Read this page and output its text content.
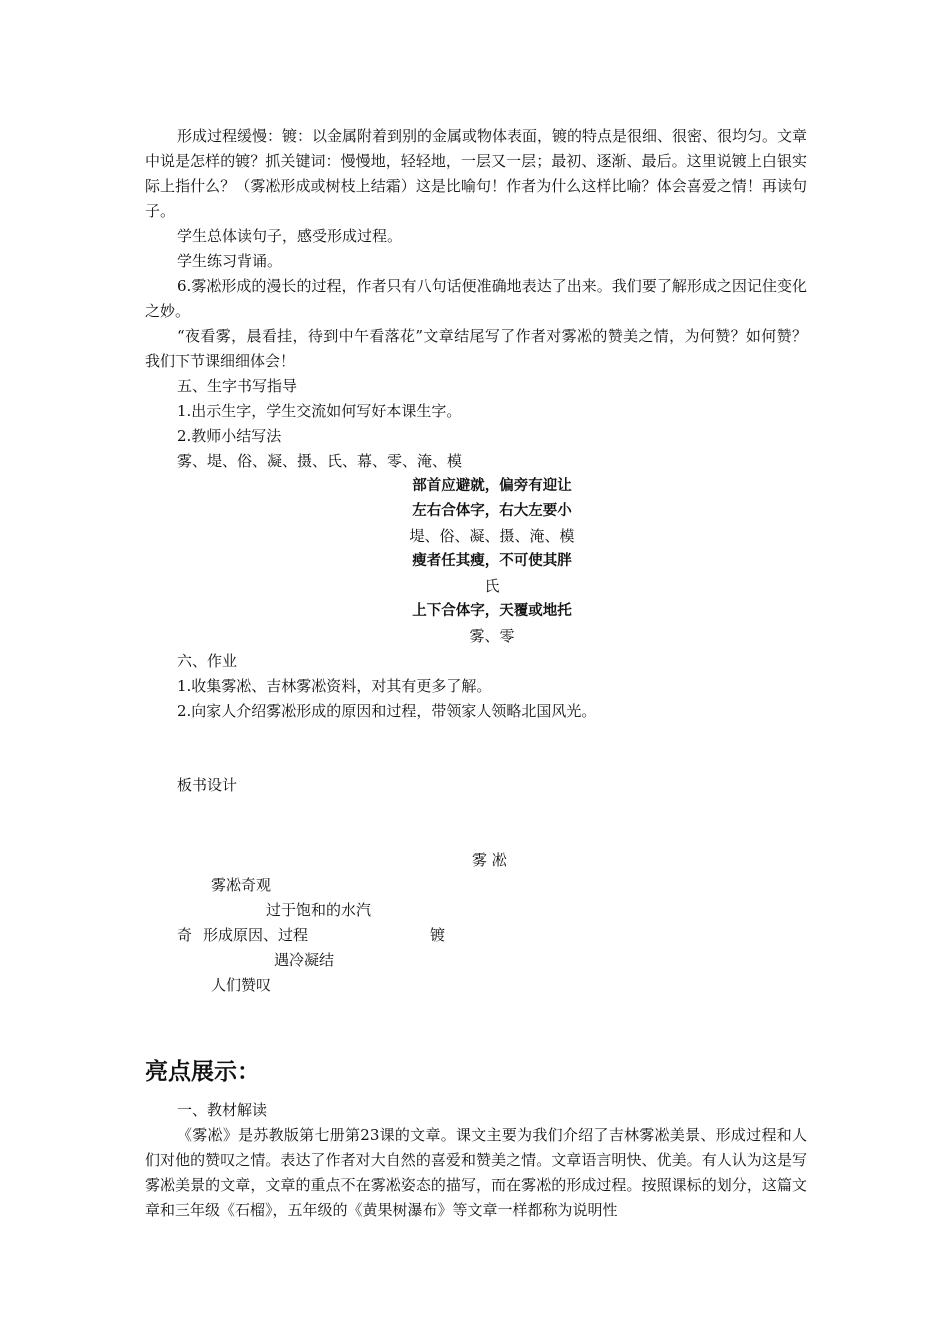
形成过程缓慢：镀：以金属附着到别的金属或物体表面，镀的特点是很细、很密、很均匀。文章中说是怎样的镀？抓关键词：慢慢地，轻轻地，一层又一层；最初、逐渐、最后。这里说镀上白银实际上指什么？（雾凇形成或树枝上结霜）这是比喻句！作者为什么这样比喻？体会喜爱之情！再读句子。

学生总体读句子，感受形成过程。

学生练习背诵。

6.雾凇形成的漫长的过程，作者只有八句话便准确地表达了出来。我们要了解形成之因记住变化之妙。

“夜看雾，晨看挂，待到中午看落花”文章结尾写了作者对雾凇的赞美之情，为何赞？如何赞？我们下节课细细体会！

五、生字书写指导

1.出示生字，学生交流如何写好本课生字。

2.教师小结写法

雾、堤、俗、凝、摄、氏、幕、零、淹、模

部首应避就，偏旁有迎让

左右合体字，右大左要小

堤、俗、凝、摄、淹、模

瘦者任其瘦，不可使其胖

氏

上下合体字，天覆或地托

雾、零

六、作业

1.收集雾凇、吉林雾凇资料，对其有更多了解。

2.向家人介绍雾凇形成的原因和过程，带领家人领略北国风光。

板书设计

雾 凇

雾凇奇观

过于饱和的水汽

奇 形成原因、过程	镀

遇冷凝结

人们赞叹

亮点展示：

一、教材解读

《雾凇》是苏教版第七册第23课的文章。课文主要为我们介绍了吉林雾凇美景、形成过程和人们对他的赞叹之情。表达了作者对大自然的喜爱和赞美之情。文章语言明快、优美。有人认为这是写雾凇美景的文章，文章的重点不在雾凇姿态的描写，而在雾凇的形成过程。按照课标的划分，这篇文章和三年级《石榴》，五年级的《黄果树瀑布》等文章一样都称为说明性
